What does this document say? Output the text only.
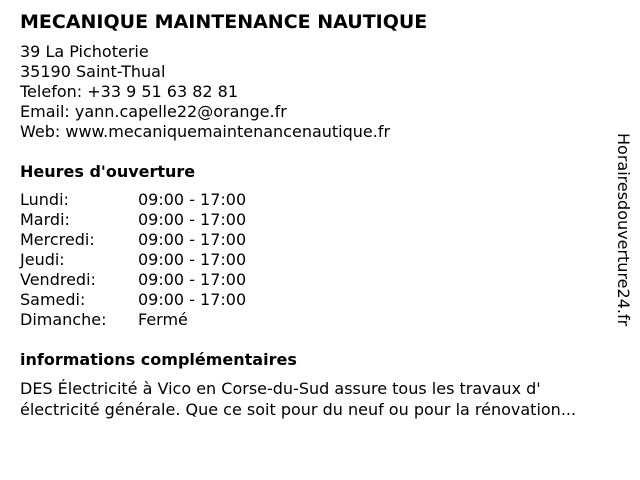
MECANIQUE MAINTENANCE NAUTIQUE
39 La Pichoterie
35190 Saint-Thual
Telefon: +33 9 51 63 82 81
Email: yann.capelle22@orange.fr
Web: www.mecaniquemaintenancenautique.fr
Heures d'ouverture
Lundi:	09:00 - 17:00
Mardi:	09:00 - 17:00
Mercredi:	09:00 - 17:00
Jeudi:	09:00 - 17:00
Vendredi:	09:00 - 17:00
Samedi:	09:00 - 17:00
Dimanche:	Fermé
informations complémentaires
DES Électricité à Vico en Corse-du-Sud assure tous les travaux d' électricité générale. Que ce soit pour du neuf ou pour la rénovation...
Horairesdouverture24.fr
